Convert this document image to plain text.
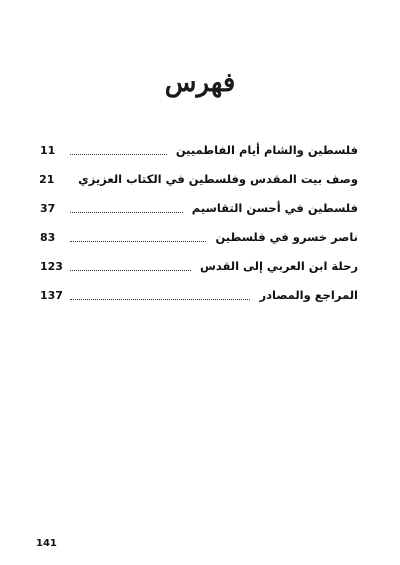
فهرس
فلسطين والشام أيام الفاطميين
11
وصف بيت المقدس وفلسطين في الكتاب العزيزي
21
فلسطين في أحسن التقاسيم
37
ناصر خسرو في فلسطين
83
رحلة ابن العربي إلى القدس
123
المراجع والمصادر
137
141
